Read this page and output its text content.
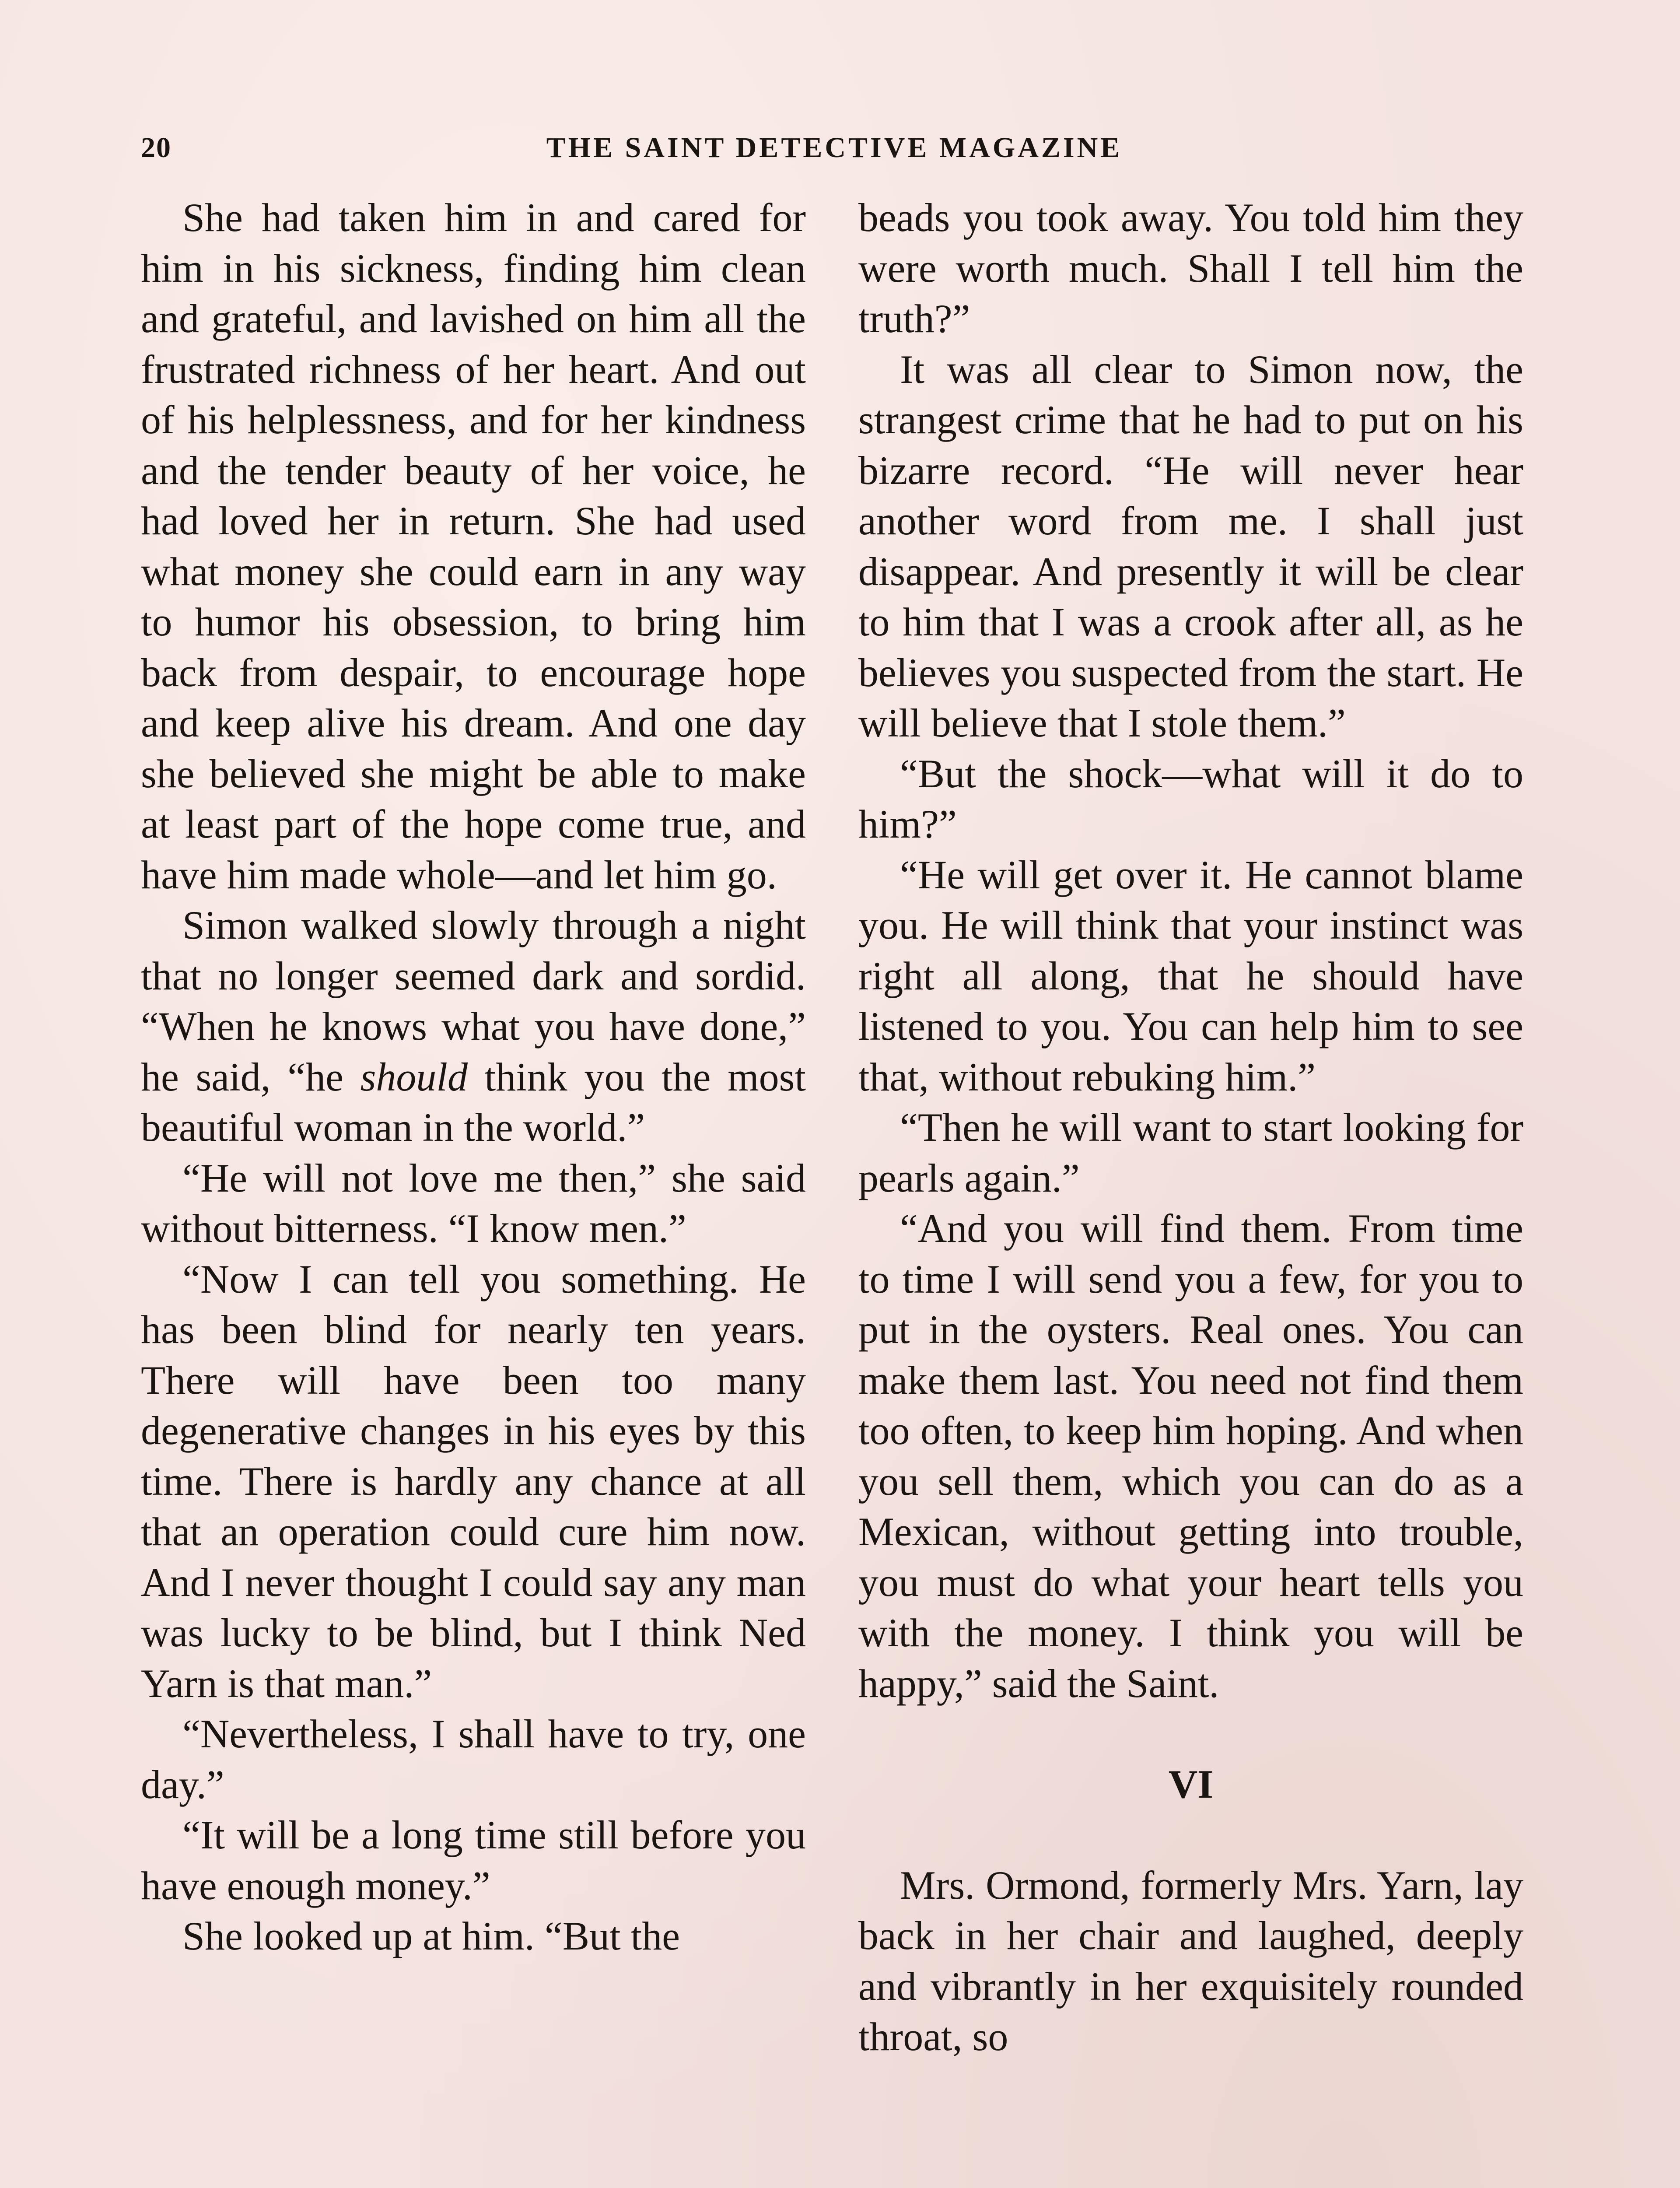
20	THE SAINT DETECTIVE MAGAZINE

She had taken him in and cared for him in his sickness, finding him clean and grateful, and lavished on him all the frustrated richness of her heart. And out of his helplessness, and for her kindness and the tender beauty of her voice, he had loved her in return. She had used what money she could earn in any way to humor his obsession, to bring him back from despair, to encourage hope and keep alive his dream. And one day she believed she might be able to make at least part of the hope come true, and have him made whole—and let him go.

Simon walked slowly through a night that no longer seemed dark and sordid. “When he knows what you have done,” he said, “he should think you the most beautiful woman in the world.”

“He will not love me then,” she said without bitterness. “I know men.”

“Now I can tell you something. He has been blind for nearly ten years. There will have been too many degenerative changes in his eyes by this time. There is hardly any chance at all that an operation could cure him now. And I never thought I could say any man was lucky to be blind, but I think Ned Yarn is that man.”

“Nevertheless, I shall have to try, one day.”

“It will be a long time still before you have enough money.”

She looked up at him. “But the

beads you took away. You told him they were worth much. Shall I tell him the truth?”

It was all clear to Simon now, the strangest crime that he had to put on his bizarre record. “He will never hear another word from me. I shall just disappear. And presently it will be clear to him that I was a crook after all, as he believes you suspected from the start. He will believe that I stole them.”

“But the shock—what will it do to him?”

“He will get over it. He cannot blame you. He will think that your instinct was right all along, that he should have listened to you. You can help him to see that, without rebuking him.”

“Then he will want to start looking for pearls again.”

“And you will find them. From time to time I will send you a few, for you to put in the oysters. Real ones. You can make them last. You need not find them too often, to keep him hoping. And when you sell them, which you can do as a Mexican, without getting into trouble, you must do what your heart tells you with the money. I think you will be happy,” said the Saint.

VI

Mrs. Ormond, formerly Mrs. Yarn, lay back in her chair and laughed, deeply and vibrantly in her exquisitely rounded throat, so
